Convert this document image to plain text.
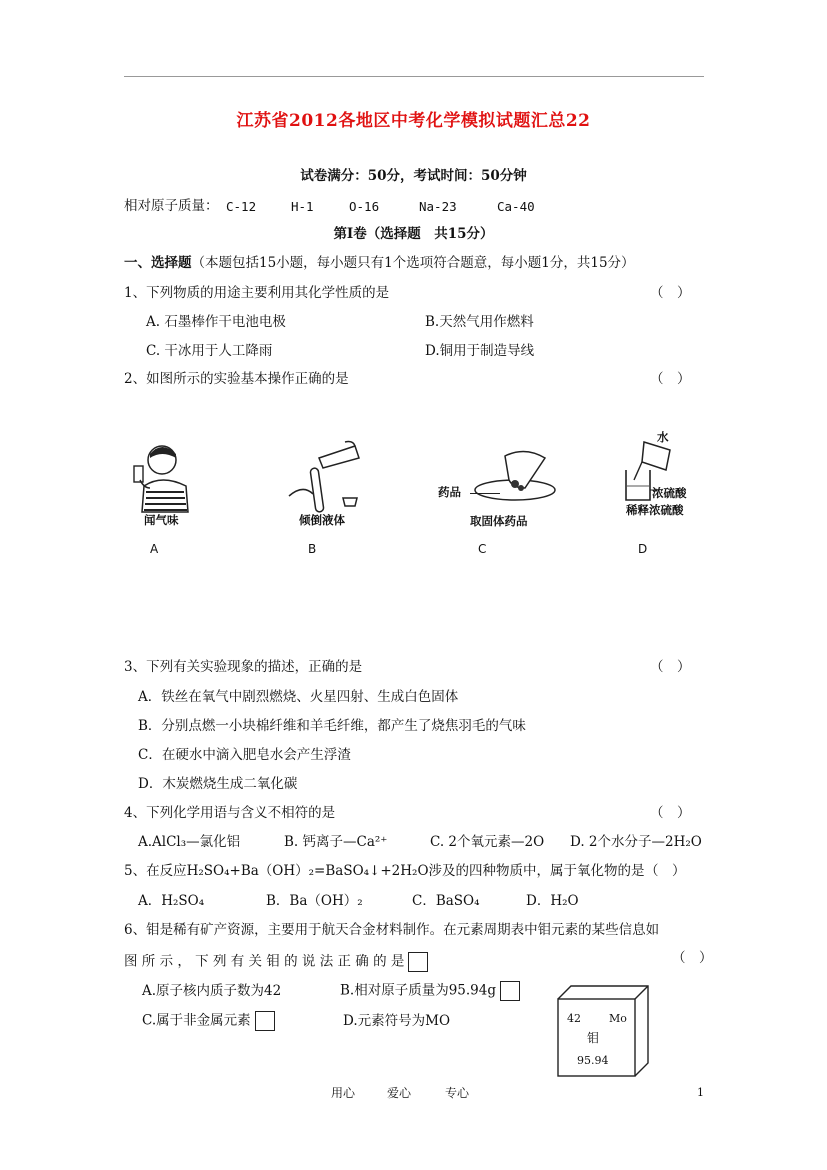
江苏省2012各地区中考化学模拟试题汇总22
试卷满分：50分，考试时间：50分钟
相对原子质量： C-12	H-1	O-16	Na-23	Ca-40
第Ⅰ卷（选择题　共15分）
一、选择题（本题包括15小题，每小题只有1个选项符合题意，每小题1分，共15分）
1、下列物质的用途主要利用其化学性质的是	（　）
A. 石墨棒作干电池电极	B.天然气用作燃料
C. 干冰用于人工降雨	D.铜用于制造导线
2、如图所示的实验基本操作正确的是	（　）
闻气味	倾倒液体
药品
取固体药品
水
浓硫酸
稀释浓硫酸
A	B	C	D
3、下列有关实验现象的描述，正确的是	（　）
A．铁丝在氧气中剧烈燃烧、火星四射、生成白色固体
B．分别点燃一小块棉纤维和羊毛纤维，都产生了烧焦羽毛的气味
C．在硬水中滴入肥皂水会产生浮渣
D．木炭燃烧生成二氧化碳
4、下列化学用语与含义不相符的是	（　）
A.AlCl₃—氯化铝	B. 钙离子—Ca²⁺	C. 2个氧元素—2O D. 2个水分子—2H₂O
5、在反应H₂SO₄+Ba（OH）₂=BaSO₄↓+2H₂O涉及的四种物质中，属于氧化物的是 （　）
A．H₂SO₄	B．Ba（OH）₂	C．BaSO₄	D．H₂O
6、钼是稀有矿产资源，主要用于航天合金材料制作。在元素周期表中钼元素的某些信息如
图 所 示 ， 下 列 有 关 钼 的 说 法 正 确 的 是	（　）
A.原子核内质子数为42	B.相对原子质量为95.94g
C.属于非金属元素	D.元素符号为MO	42	Mo
钼
95.94
用心	爱心	专心	1
